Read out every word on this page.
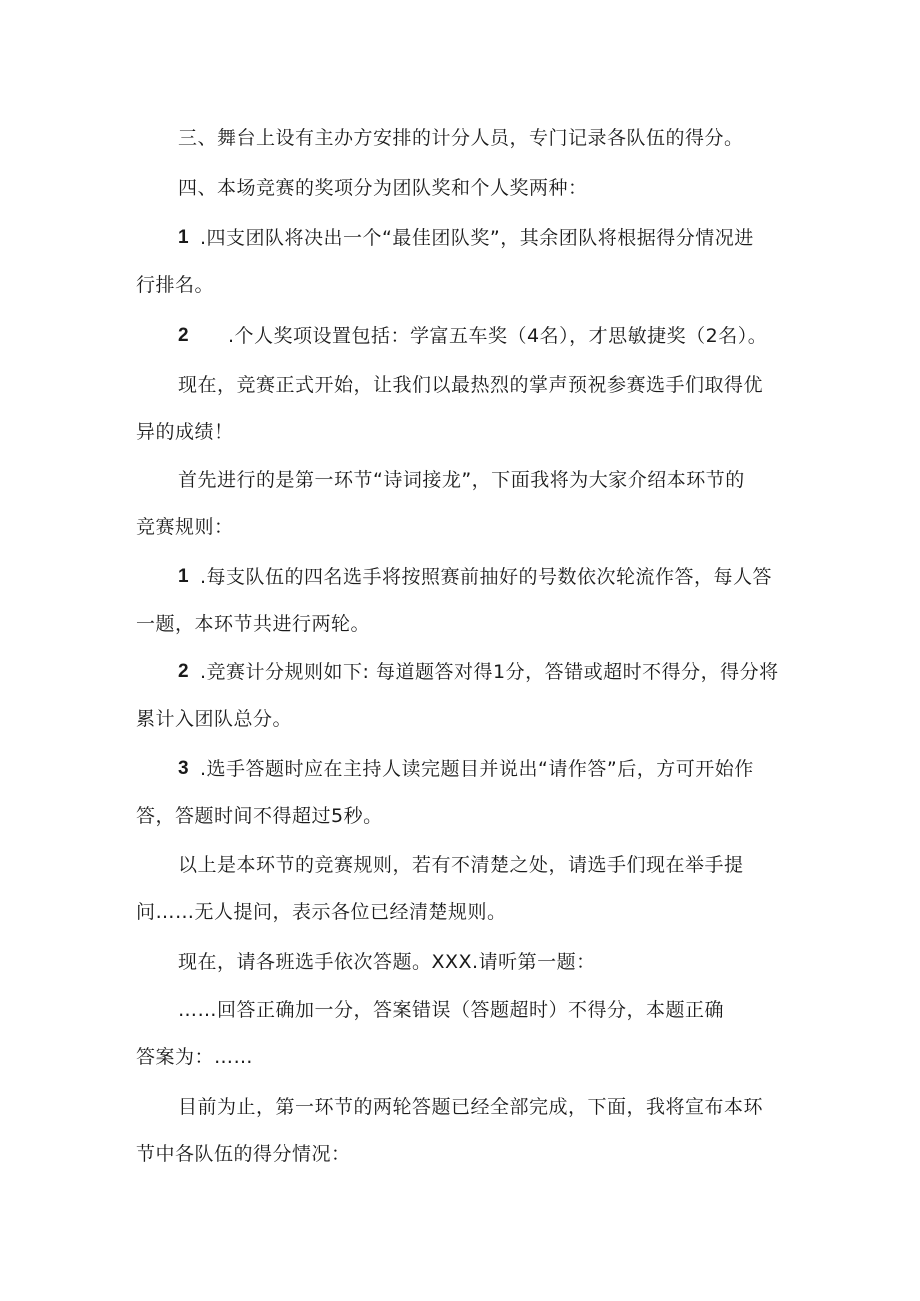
三、舞台上设有主办方安排的计分人员，专门记录各队伍的得分。
四、本场竞赛的奖项分为团队奖和个人奖两种：
1 .四支团队将决出一个“最佳团队奖”，其余团队将根据得分情况进
行排名。
2 .个人奖项设置包括：学富五车奖（4名），才思敏捷奖（2名）。
现在，竞赛正式开始，让我们以最热烈的掌声预祝参赛选手们取得优
异的成绩！
首先进行的是第一环节“诗词接龙”，下面我将为大家介绍本环节的
竞赛规则：
1 .每支队伍的四名选手将按照赛前抽好的号数依次轮流作答，每人答
一题，本环节共进行两轮。
2 .竞赛计分规则如下: 每道题答对得1分，答错或超时不得分，得分将
累计入团队总分。
3 .选手答题时应在主持人读完题目并说出“请作答”后，方可开始作
答，答题时间不得超过5秒。
以上是本环节的竞赛规则，若有不清楚之处，请选手们现在举手提
问……无人提问，表示各位已经清楚规则。
现在，请各班选手依次答题。XXX.请听第一题：
……回答正确加一分，答案错误（答题超时）不得分，本题正确
答案为：……
目前为止，第一环节的两轮答题已经全部完成，下面，我将宣布本环
节中各队伍的得分情况：
